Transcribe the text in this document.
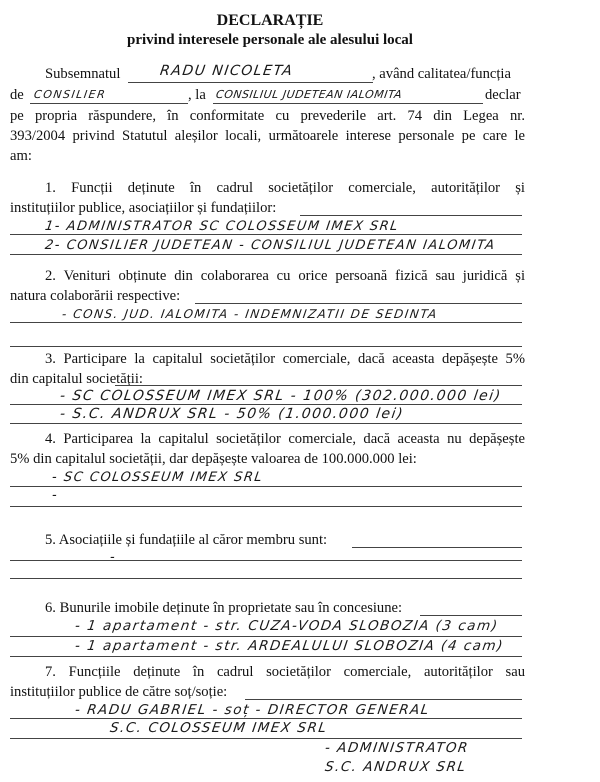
DECLARAȚIE
privind interesele personale ale alesului local
Subsemnatul	RADU NICOLETA	, având calitatea/funcția
de CONSILIER	, la CONSILIUL JUDETEAN IALOMITA	declar
pe propria răspundere, în conformitate cu prevederile art. 74 din Legea nr.
393/2004 privind Statutul aleșilor locali, următoarele interese personale pe care le
am:
1. Funcții deținute în cadrul societăților comerciale, autorităților și
instituțiilor publice, asociațiilor și fundațiilor:
1- ADMINISTRATOR SC COLOSSEUM IMEX SRL
2- CONSILIER JUDETEAN - CONSILIUL JUDETEAN IALOMITA
2. Venituri obținute din colaborarea cu orice persoană fizică sau juridică și
natura colaborării respective:
- CONS. JUD. IALOMITA - INDEMNIZATII DE SEDINTA
3. Participare la capitalul societăților comerciale, dacă aceasta depășește 5%
din capitalul societății:
- SC COLOSSEUM IMEX SRL - 100% (302.000.000 lei)
- S.C. ANDRUX SRL - 50% (1.000.000 lei)
4. Participarea la capitalul societăților comerciale, dacă aceasta nu depășește
5% din capitalul societății, dar depășește valoarea de 100.000.000 lei:
- SC COLOSSEUM IMEX SRL
-
5. Asociațiile și fundațiile al căror membru sunt:
-
6. Bunurile imobile deținute în proprietate sau în concesiune:
- 1 apartament - str. CUZA-VODA SLOBOZIA (3 cam)
- 1 apartament - str. ARDEALULUI SLOBOZIA (4 cam)
7. Funcțiile deținute în cadrul societăților comerciale, autorităților sau
instituțiilor publice de către soț/soție:
- RADU GABRIEL - soț - DIRECTOR GENERAL
S.C. COLOSSEUM IMEX SRL
- ADMINISTRATOR
S.C. ANDRUX SRL
